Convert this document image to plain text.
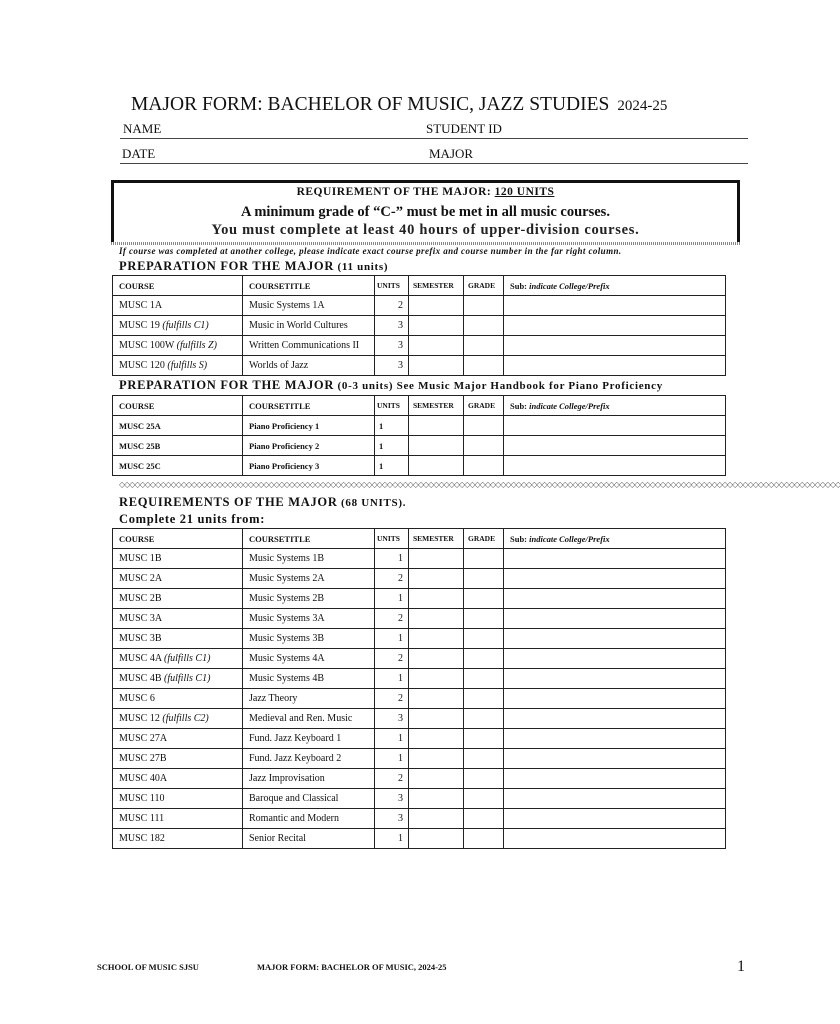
MAJOR FORM: BACHELOR OF MUSIC, JAZZ STUDIES 2024-25
NAME	STUDENT ID
DATE	MAJOR
REQUIREMENT OF THE MAJOR: 120 UNITS
A minimum grade of “C-” must be met in all music courses.
You must complete at least 40 hours of upper-division courses.
If course was completed at another college, please indicate exact course prefix and course number in the far right column.
PREPARATION FOR THE MAJOR (11 units)
COURSE	COURSETITLE	UNITS	SEMESTER	GRADE	Sub: indicate College/Prefix
MUSC 1A	Music Systems 1A	2			
MUSC 19 (fulfills C1)	Music in World Cultures	3			
MUSC 100W (fulfills Z)	Written Communications II	3			
MUSC 120 (fulfills S)	Worlds of Jazz	3			
PREPARATION FOR THE MAJOR (0-3 units) See Music Major Handbook for Piano Proficiency
COURSE	COURSETITLE	UNITS	SEMESTER	GRADE	Sub: indicate College/Prefix
MUSC 25A	Piano Proficiency 1	1			
MUSC 25B	Piano Proficiency 2	1			
MUSC 25C	Piano Proficiency 3	1			
◇◇◇◇◇◇◇◇◇◇◇◇◇◇◇◇◇◇◇◇◇◇◇◇◇◇◇◇◇◇◇◇◇◇◇◇◇◇◇◇◇◇◇◇◇◇◇◇◇◇◇◇◇◇◇◇◇◇◇◇◇◇◇◇◇◇◇◇◇◇◇◇◇◇◇◇◇◇◇◇◇◇◇◇◇◇◇◇◇◇◇◇◇◇◇◇◇◇◇◇◇◇◇◇◇◇◇◇◇◇◇◇◇◇◇◇◇◇◇◇◇◇◇◇◇◇◇◇◇◇◇◇◇◇◇◇◇◇◇◇
REQUIREMENTS OF THE MAJOR (68 UNITS).
Complete 21 units from:
COURSE	COURSETITLE	UNITS	SEMESTER	GRADE	Sub: indicate College/Prefix
MUSC 1B	Music Systems 1B	1			
MUSC 2A	Music Systems 2A	2			
MUSC 2B	Music Systems 2B	1			
MUSC 3A	Music Systems 3A	2			
MUSC 3B	Music Systems 3B	1			
MUSC 4A (fulfills C1)	Music Systems 4A	2			
MUSC 4B (fulfills C1)	Music Systems 4B	1			
MUSC 6	Jazz Theory	2			
MUSC 12 (fulfills C2)	Medieval and Ren. Music	3			
MUSC 27A	Fund. Jazz Keyboard 1	1			
MUSC 27B	Fund. Jazz Keyboard 2	1			
MUSC 40A	Jazz Improvisation	2			
MUSC 110	Baroque and Classical	3			
MUSC 111	Romantic and Modern	3			
MUSC 182	Senior Recital	1			
SCHOOL OF MUSIC SJSU	MAJOR FORM: BACHELOR OF MUSIC, 2024-25	1
